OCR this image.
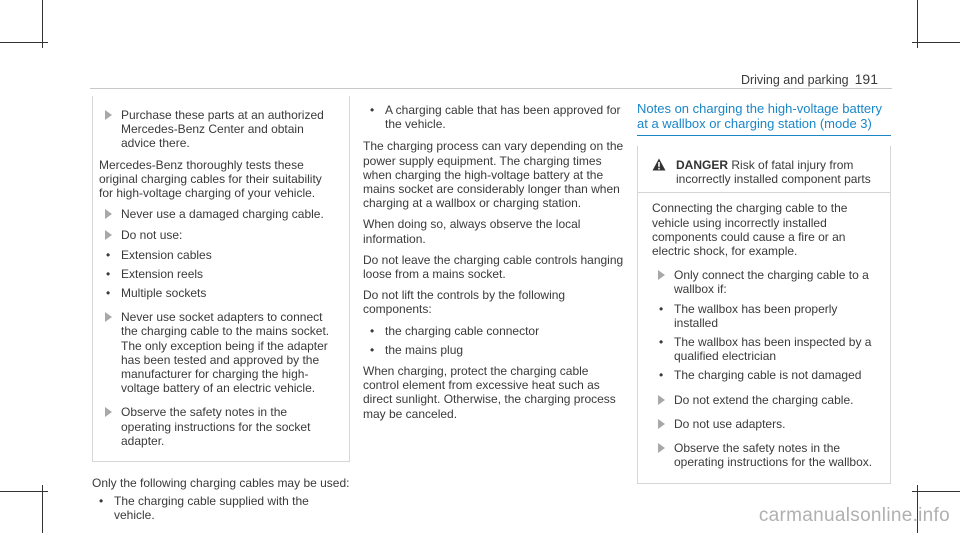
Driving and parking 191
Purchase these parts at an authorized Mercedes-Benz Center and obtain advice there.

Mercedes-Benz thoroughly tests these original charging cables for their suitability for high-voltage charging of your vehicle.

Never use a damaged charging cable.
Do not use:
• Extension cables
• Extension reels
• Multiple sockets
Never use socket adapters to connect the charging cable to the mains socket. The only exception being if the adapter has been tested and approved by the manufacturer for charging the high-voltage battery of an electric vehicle.
Observe the safety notes in the operating instructions for the socket adapter.

Only the following charging cables may be used:

• The charging cable supplied with the vehicle.
• A charging cable that has been approved for the vehicle.

The charging process can vary depending on the power supply equipment. The charging times when charging the high-voltage battery at the mains socket are considerably longer than when charging at a wallbox or charging station.

When doing so, always observe the local information.

Do not leave the charging cable controls hanging loose from a mains socket.

Do not lift the controls by the following components:

• the charging cable connector
• the mains plug

When charging, protect the charging cable control element from excessive heat such as direct sunlight. Otherwise, the charging process may be canceled.

Notes on charging the high-voltage battery at a wallbox or charging station (mode 3)

DANGER Risk of fatal injury from incorrectly installed component parts

Connecting the charging cable to the vehicle using incorrectly installed components could cause a fire or an electric shock, for example.

Only connect the charging cable to a wallbox if:
• The wallbox has been properly installed
• The wallbox has been inspected by a qualified electrician
• The charging cable is not damaged
Do not extend the charging cable.
Do not use adapters.
Observe the safety notes in the operating instructions for the wallbox.
carmanualsonline.info
